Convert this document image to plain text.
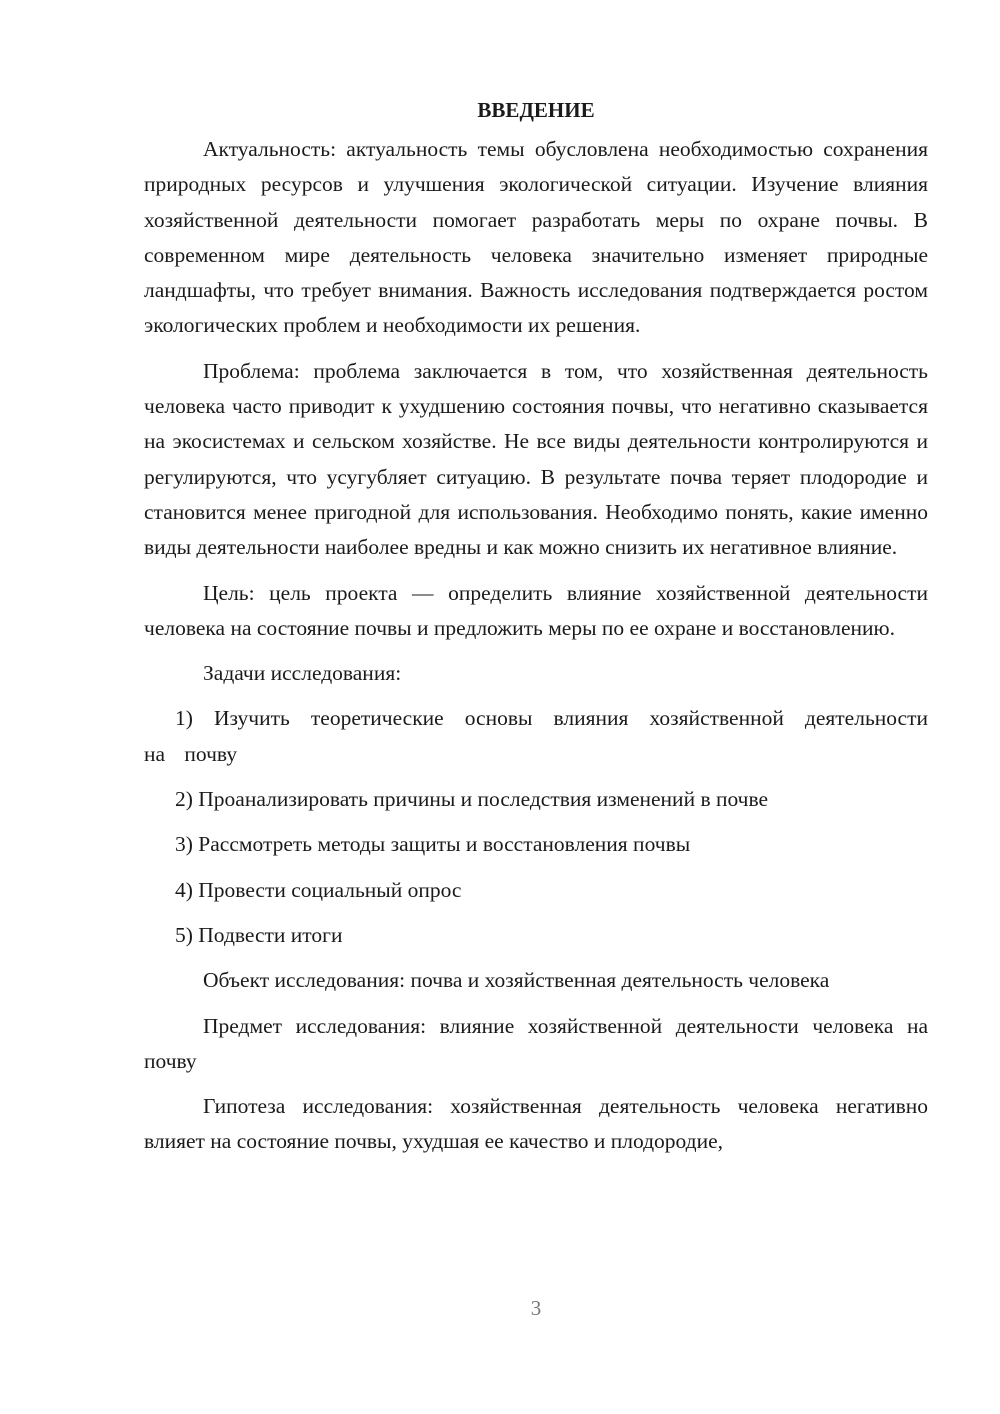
ВВЕДЕНИЕ

Актуальность: актуальность темы обусловлена необходимостью сохранения природных ресурсов и улучшения экологической ситуации. Изучение влияния хозяйственной деятельности помогает разработать меры по охране почвы. В современном мире деятельность человека значительно изменяет природные ландшафты, что требует внимания. Важность исследования подтверждается ростом экологических проблем и необходимости их решения.

Проблема: проблема заключается в том, что хозяйственная деятельность человека часто приводит к ухудшению состояния почвы, что негативно сказывается на экосистемах и сельском хозяйстве. Не все виды деятельности контролируются и регулируются, что усугубляет ситуацию. В результате почва теряет плодородие и становится менее пригодной для использования. Необходимо понять, какие именно виды деятельности наиболее вредны и как можно снизить их негативное влияние.

Цель: цель проекта — определить влияние хозяйственной деятельности человека на состояние почвы и предложить меры по ее охране и восстановлению.

Задачи исследования:

1) Изучить теоретические основы влияния хозяйственной деятельности на почву

2) Проанализировать причины и последствия изменений в почве

3) Рассмотреть методы защиты и восстановления почвы

4) Провести социальный опрос

5) Подвести итоги

Объект исследования: почва и хозяйственная деятельность человека

Предмет исследования: влияние хозяйственной деятельности человека на почву

Гипотеза исследования: хозяйственная деятельность человека негативно влияет на состояние почвы, ухудшая ее качество и плодородие,

3
